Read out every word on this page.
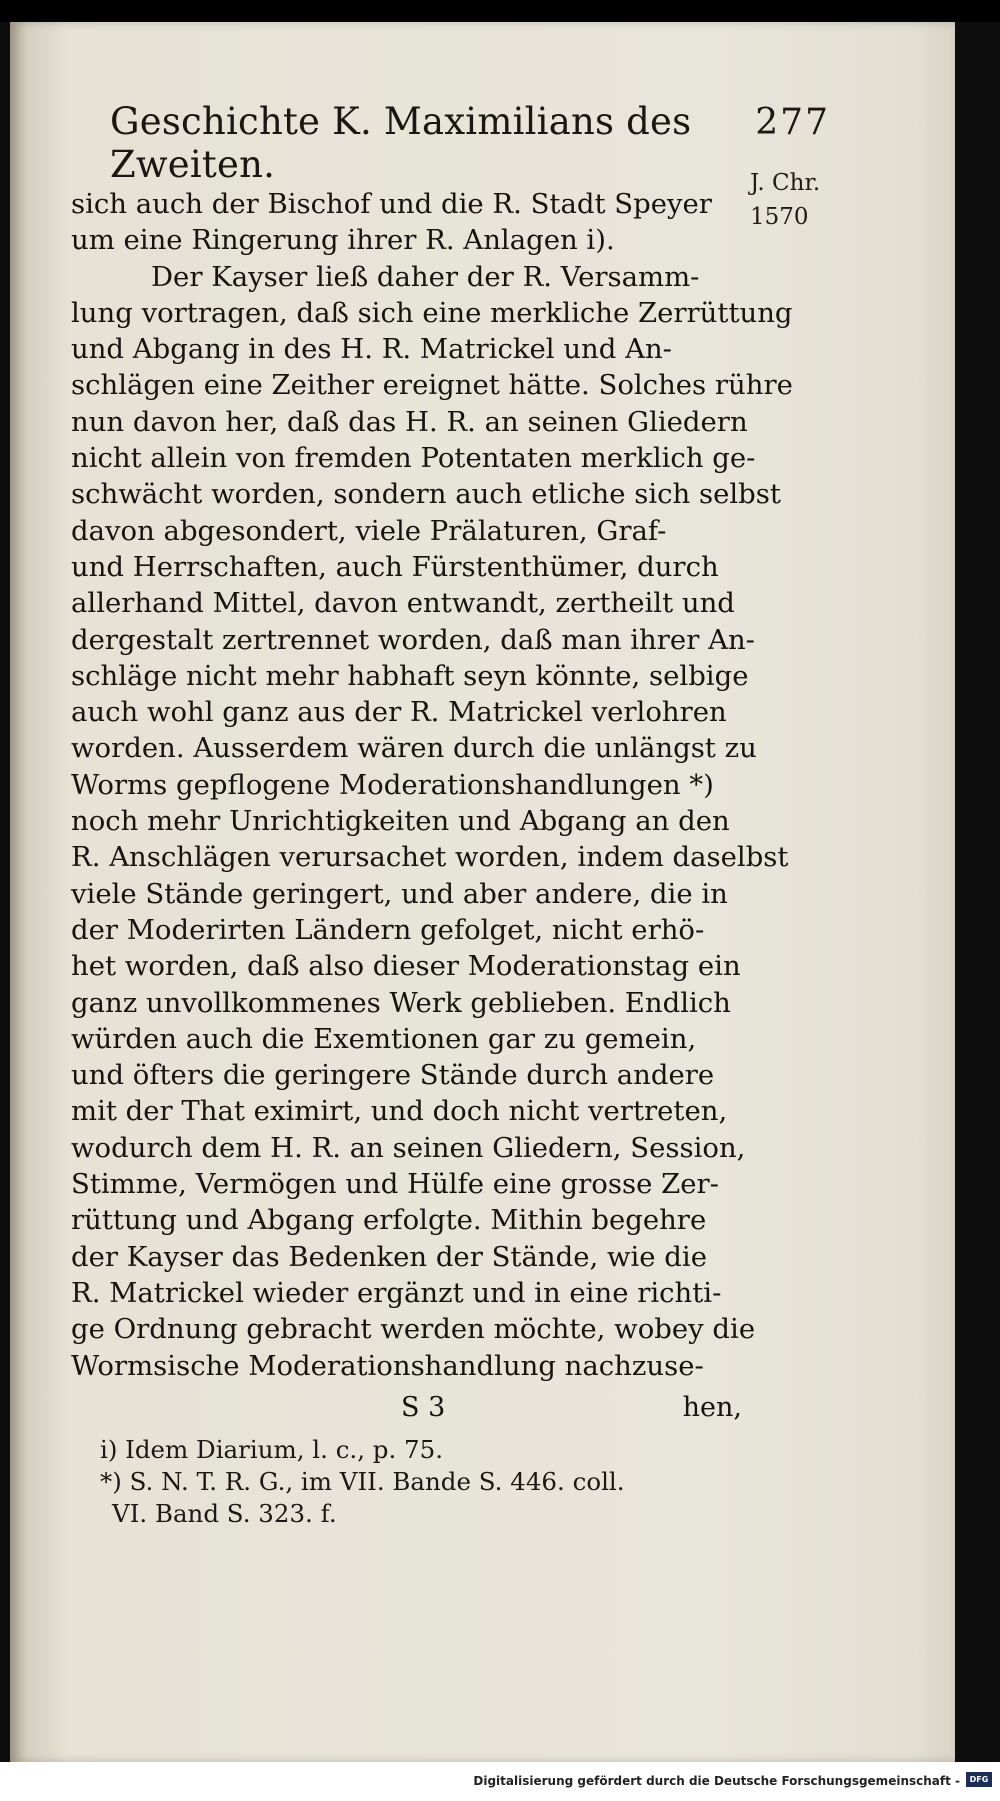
Geschichte K. Maximilians des Zweiten.
277
J. Chr.
1570
sich auch der Bischof und die R. Stadt Speyer
um eine Ringerung ihrer R. Anlagen i).
Der Kayser ließ daher der R. Versamm-
lung vortragen, daß sich eine merkliche Zerrüttung
und Abgang in des H. R. Matrickel und An-
schlägen eine Zeither ereignet hätte. Solches rühre
nun davon her, daß das H. R. an seinen Gliedern
nicht allein von fremden Potentaten merklich ge-
schwächt worden, sondern auch etliche sich selbst
davon abgesondert, viele Prälaturen, Graf-
und Herrschaften, auch Fürstenthümer, durch
allerhand Mittel, davon entwandt, zertheilt und
dergestalt zertrennet worden, daß man ihrer An-
schläge nicht mehr habhaft seyn könnte, selbige
auch wohl ganz aus der R. Matrickel verlohren
worden. Ausserdem wären durch die unlängst zu
Worms gepflogene Moderationshandlungen *)
noch mehr Unrichtigkeiten und Abgang an den
R. Anschlägen verursachet worden, indem daselbst
viele Stände geringert, und aber andere, die in
der Moderirten Ländern gefolget, nicht erhö-
het worden, daß also dieser Moderationstag ein
ganz unvollkommenes Werk geblieben. Endlich
würden auch die Exemtionen gar zu gemein,
und öfters die geringere Stände durch andere
mit der That eximirt, und doch nicht vertreten,
wodurch dem H. R. an seinen Gliedern, Session,
Stimme, Vermögen und Hülfe eine grosse Zer-
rüttung und Abgang erfolgte. Mithin begehre
der Kayser das Bedenken der Stände, wie die
R. Matrickel wieder ergänzt und in eine richti-
ge Ordnung gebracht werden möchte, wobey die
Wormsische Moderationshandlung nachzuse-
S 3	hen,
i) Idem Diarium, l. c., p. 75.
*) S. N. T. R. G., im VII. Bande S. 446. coll.
VI. Band S. 323. f.
Digitalisierung gefördert durch die Deutsche Forschungsgemeinschaft -	DFG
